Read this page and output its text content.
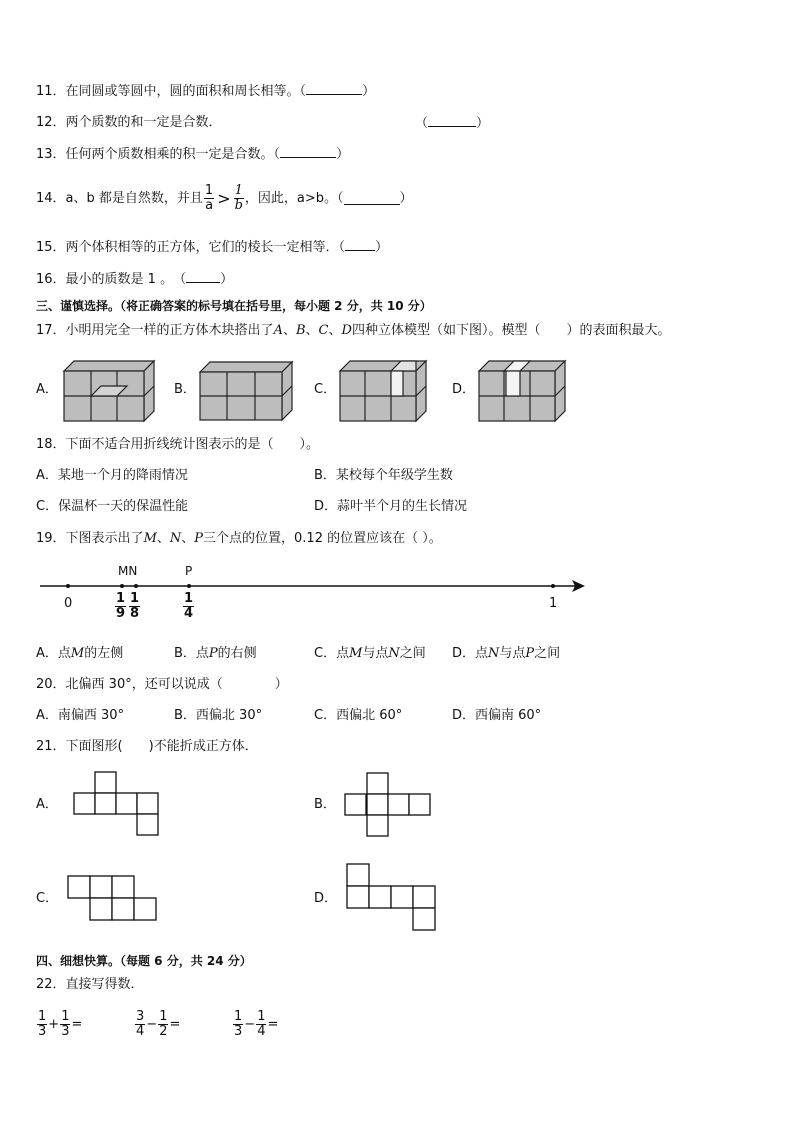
11．在同圆或等圆中，圆的面积和周长相等。（	）
12．两个质数的和一定是合数．	（	）
13．任何两个质数相乘的积一定是合数。（	）
14． a、b 都是自然数，并且 $\frac{1}{a} > \frac{1}{b}$ ，因此，a>b。（	）
15．两个体积相等的正方体，它们的棱长一定相等．（ ）
16．最小的质数是 1 。　（	）
三、谨慎选择。（将正确答案的标号填在括号里，每小题 2 分，共 10 分）
17．小明用完全一样的正方体木块搭出了A、B、C、D四种立体模型（如下图）。模型（　　）的表面积最大。
A．	B．	C．	D．
18．下面不适合用折线统计图表示的是（　　）。
A．某地一个月的降雨情况	B．某校每个年级学生数
C．保温杯一天的保温性能	D．蒜叶半个月的生长情况
19．下图表示出了M、N、P三个点的位置，0.12 的位置应该在（ ）。
MN	P
0	1
$\frac{1}{9} \frac{1}{8}$	$\frac{1}{4}$
A．点M的左侧	B．点P的右侧	C．点M与点N之间 D．点N与点P之间
20．北偏西 30°，还可以说成（　　　　）
A．南偏西 30°	B．西偏北 30°	C．西偏北 60°	D．西偏南 60°
21．下面图形(　　)不能折成正方体．
A．	B．
C．	D．
四、细想快算。（每题 6 分，共 24 分）
22．直接写得数．
$\frac{1}{3} + \frac{1}{3}$ =	$\frac{3}{4} - \frac{1}{2}$ =	$\frac{1}{3} - \frac{1}{4}$ =
